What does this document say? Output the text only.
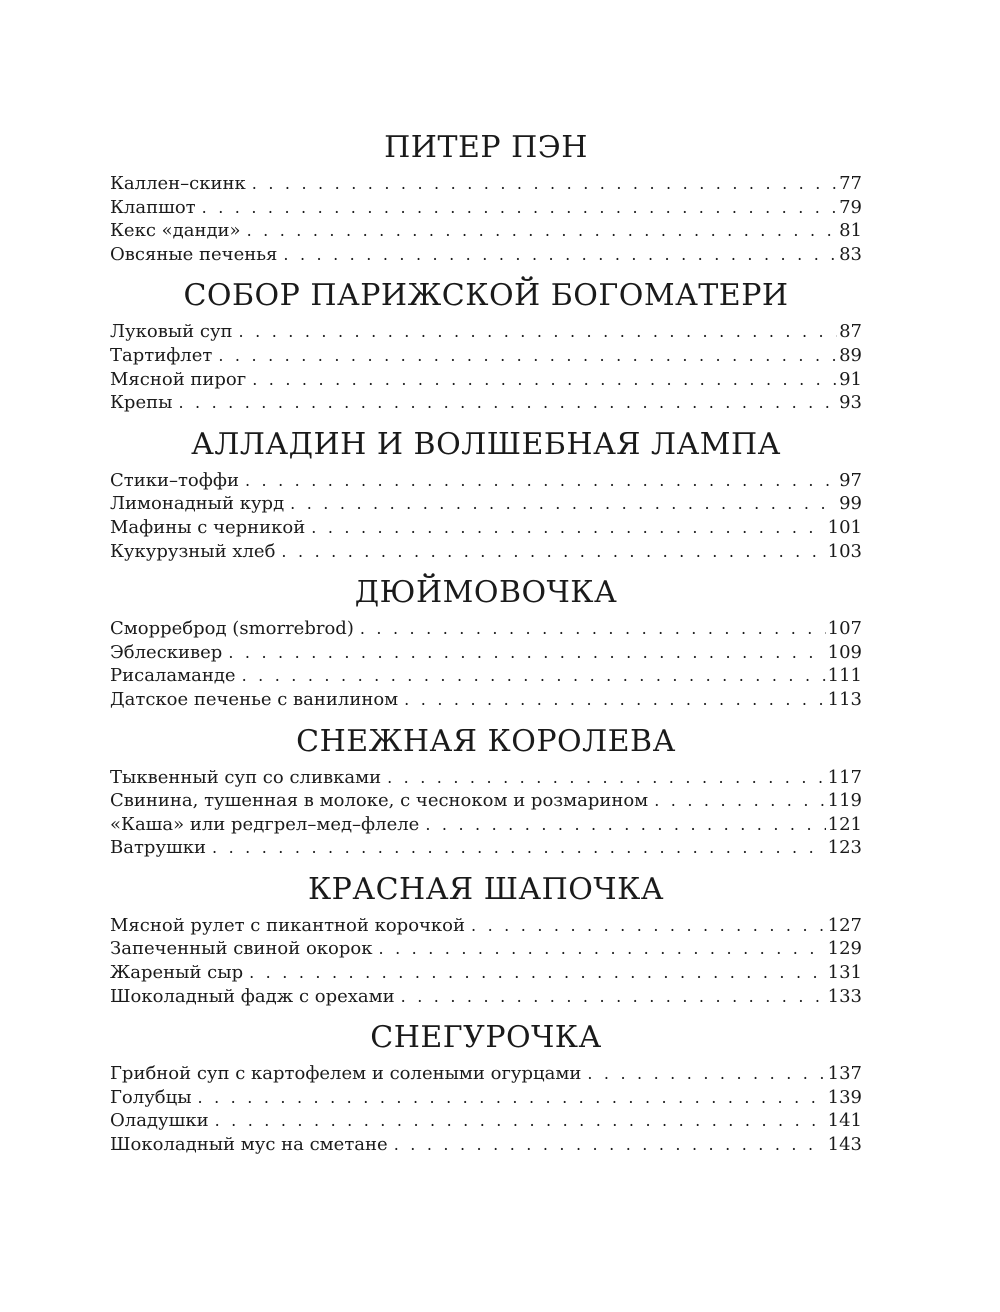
ПИТЕР ПЭН
Каллен–скинк . . .	77
Клапшот . . .	79
Кекс «данди» . . .	81
Овсяные печенья . . .	83
СОБОР ПАРИЖСКОЙ БОГОМАТЕРИ
Луковый суп . . .	87
Тартифлет . . .	89
Мясной пирог . . .	91
Крепы . . .	93
АЛЛАДИН И ВОЛШЕБНАЯ ЛАМПА
Стики–тоффи . . .	97
Лимонадный курд . . .	99
Мафины с черникой . . .	101
Кукурузный хлеб . . .	103
ДЮЙМОВОЧКА
Сморреброд (smorrebrod) . . .	107
Эблескивер . . .	109
Рисаламанде . . .	111
Датское печенье с ванилином . . .	113
СНЕЖНАЯ КОРОЛЕВА
Тыквенный суп со сливками . . .	117
Свинина, тушенная в молоке, с чесноком и розмарином . . .	119
«Каша» или редгрел–мед–флеле . . .	121
Ватрушки . . .	123
КРАСНАЯ ШАПОЧКА
Мясной рулет с пикантной корочкой . . .	127
Запеченный свиной окорок . . .	129
Жареный сыр . . .	131
Шоколадный фадж с орехами . . .	133
СНЕГУРОЧКА
Грибной суп с картофелем и солеными огурцами . . .	137
Голубцы . . .	139
Оладушки . . .	141
Шоколадный мус на сметане . . .	143
